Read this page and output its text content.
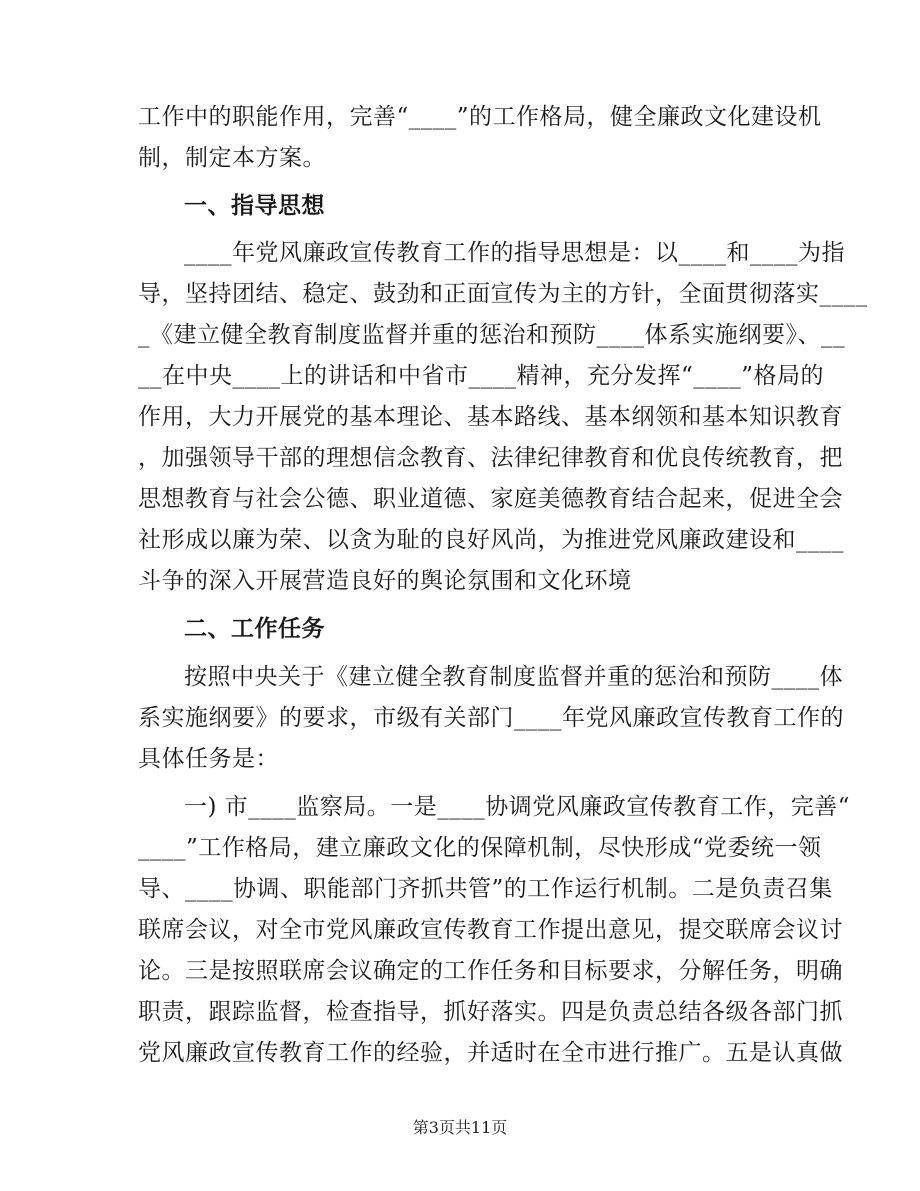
工作中的职能作用，完善“____”的工作格局，健全廉政文化建设机
制，制定本方案。
一、指导思想
____年党风廉政宣传教育工作的指导思想是：以____和____为指
导，坚持团结、稳定、鼓劲和正面宣传为主的方针，全面贯彻落实____
_《建立健全教育制度监督并重的惩治和预防____体系实施纲要》、__
__在中央____上的讲话和中省市____精神，充分发挥“____”格局的
作用，大力开展党的基本理论、基本路线、基本纲领和基本知识教育
，加强领导干部的理想信念教育、法律纪律教育和优良传统教育，把
思想教育与社会公德、职业道德、家庭美德教育结合起来，促进全会
社形成以廉为荣、以贪为耻的良好风尚，为推进党风廉政建设和____
斗争的深入开展营造良好的舆论氛围和文化环境
二、工作任务
按照中央关于《建立健全教育制度监督并重的惩治和预防____体
系实施纲要》的要求，市级有关部门____年党风廉政宣传教育工作的
具体任务是：
一) 市____监察局。一是____协调党风廉政宣传教育工作，完善“
____”工作格局，建立廉政文化的保障机制，尽快形成“党委统一领
导、____协调、职能部门齐抓共管”的工作运行机制。二是负责召集
联席会议，对全市党风廉政宣传教育工作提出意见，提交联席会议讨
论。三是按照联席会议确定的工作任务和目标要求，分解任务，明确
职责，跟踪监督，检查指导，抓好落实。四是负责总结各级各部门抓
党风廉政宣传教育工作的经验，并适时在全市进行推广。五是认真做
第3页共11页
